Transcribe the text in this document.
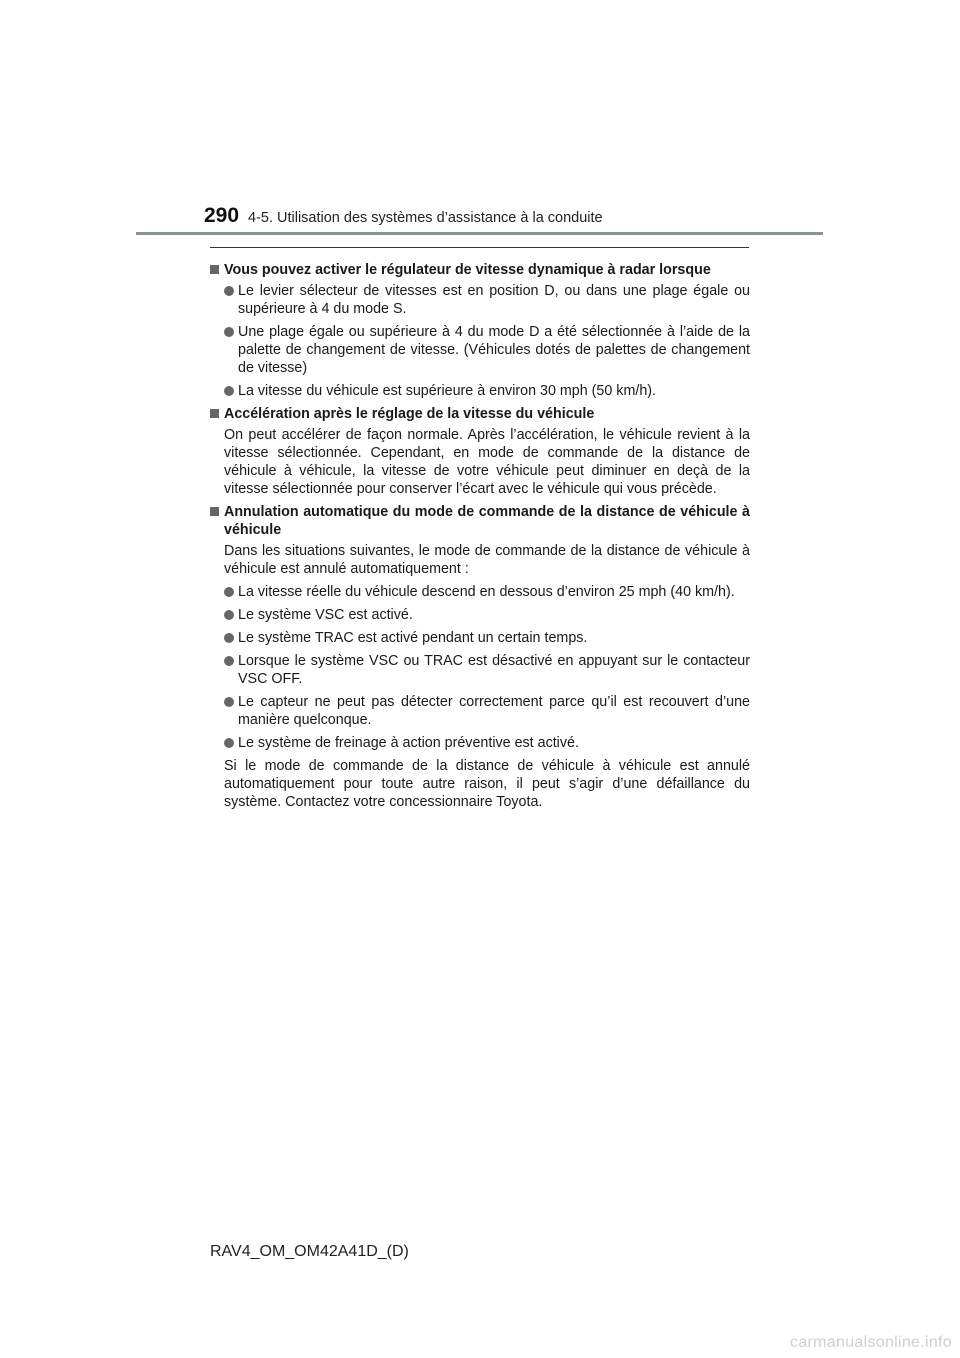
290 4-5. Utilisation des systèmes d’assistance à la conduite
Vous pouvez activer le régulateur de vitesse dynamique à radar lorsque
Le levier sélecteur de vitesses est en position D, ou dans une plage égale ou supérieure à 4 du mode S.
Une plage égale ou supérieure à 4 du mode D a été sélectionnée à l’aide de la palette de changement de vitesse. (Véhicules dotés de palettes de changement de vitesse)
La vitesse du véhicule est supérieure à environ 30 mph (50 km/h).
Accélération après le réglage de la vitesse du véhicule
On peut accélérer de façon normale. Après l’accélération, le véhicule revient à la vitesse sélectionnée. Cependant, en mode de commande de la distance de véhicule à véhicule, la vitesse de votre véhicule peut diminuer en deçà de la vitesse sélectionnée pour conserver l’écart avec le véhicule qui vous précède.
Annulation automatique du mode de commande de la distance de véhicule à véhicule
Dans les situations suivantes, le mode de commande de la distance de véhicule à véhicule est annulé automatiquement :
La vitesse réelle du véhicule descend en dessous d’environ 25 mph (40 km/h).
Le système VSC est activé.
Le système TRAC est activé pendant un certain temps.
Lorsque le système VSC ou TRAC est désactivé en appuyant sur le contacteur VSC OFF.
Le capteur ne peut pas détecter correctement parce qu’il est recouvert d’une manière quelconque.
Le système de freinage à action préventive est activé.
Si le mode de commande de la distance de véhicule à véhicule est annulé automatiquement pour toute autre raison, il peut s’agir d’une défaillance du système. Contactez votre concessionnaire Toyota.
RAV4_OM_OM42A41D_(D)
carmanualsonline.info
